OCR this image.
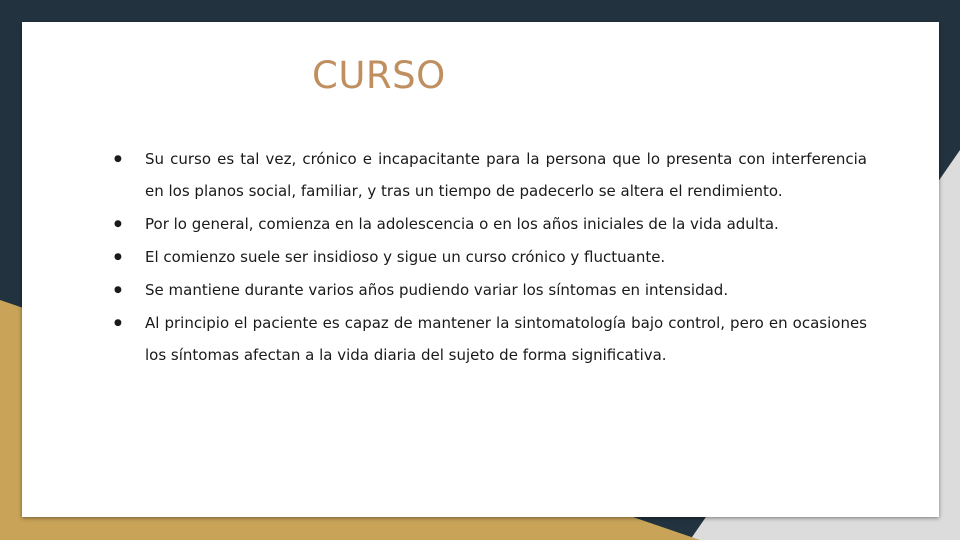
CURSO
● Su curso es tal vez, crónico e incapacitante para la persona que lo presenta con interferencia en los planos social, familiar, y tras un tiempo de padecerlo se altera el rendimiento.
● Por lo general, comienza en la adolescencia o en los años iniciales de la vida adulta.
● El comienzo suele ser insidioso y sigue un curso crónico y fluctuante.
● Se mantiene durante varios años pudiendo variar los síntomas en intensidad.
● Al principio el paciente es capaz de mantener la sintomatología bajo control, pero en ocasiones los síntomas afectan a la vida diaria del sujeto de forma significativa.
